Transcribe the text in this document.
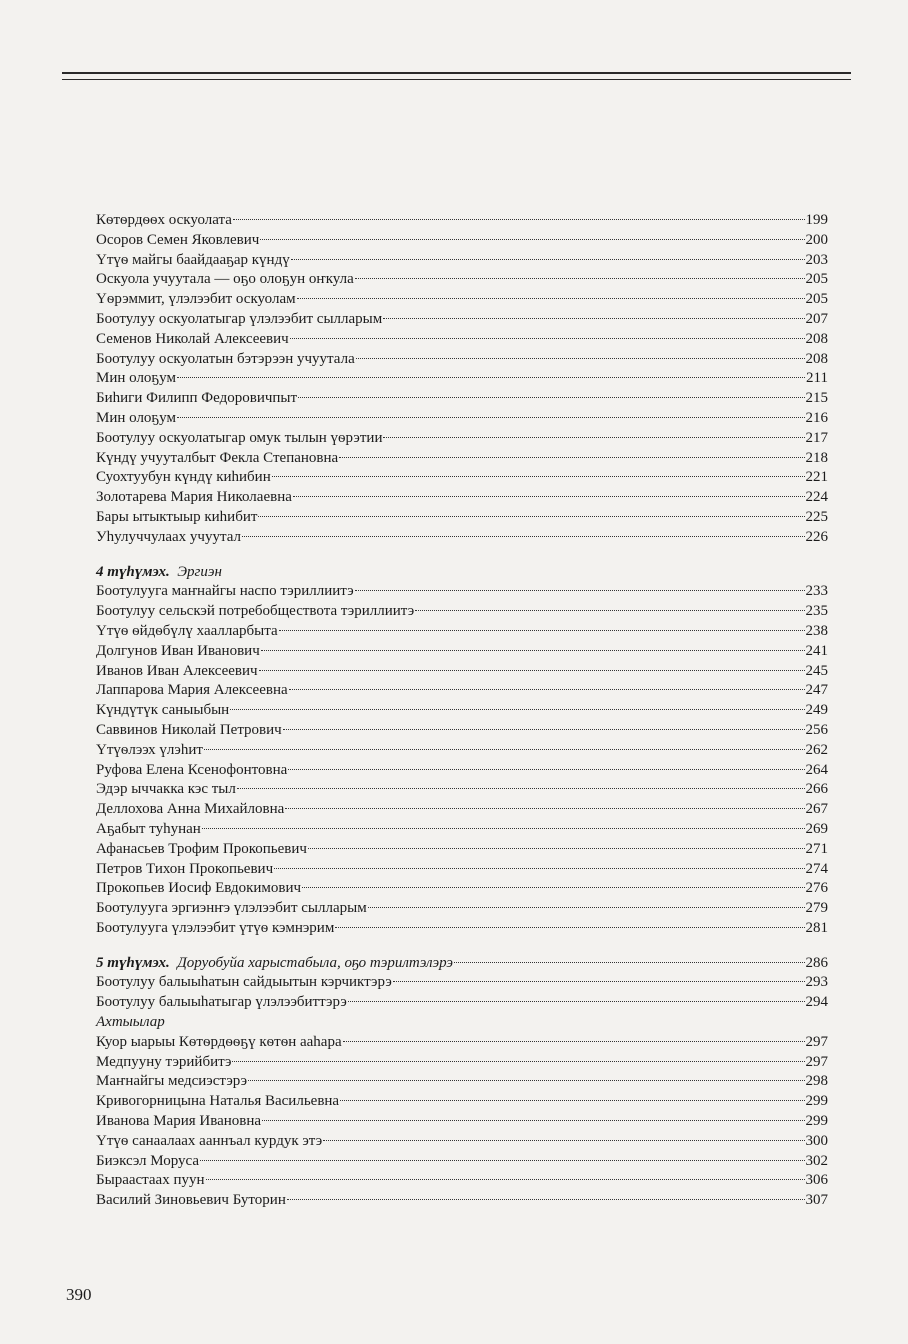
Кѳтѳрдѳѳх оскуолата	199
Осоров Семен Яковлевич	200
Үтүѳ майгы баайдааҕар күндү	203
Оскуола учуутала — оҕо олоҕун оҥкула	205
Үѳрэммит, үлэлээбит оскуолам	205
Боотулуу оскуолатыгар үлэлээбит сылларым	207
Семенов Николай Алексеевич	208
Боотулуу оскуолатын бэтэрээн учуутала	208
Мин олоҕум	211
Биһиги Филипп Федоровичпыт	215
Мин олоҕум	216
Боотулуу оскуолатыгар омук тылын үѳрэтии	217
Күндү учууталбыт Фекла Степановна	218
Суохтуубун күндү киһибин	221
Золотарева Мария Николаевна	224
Бары ытыктыыр киһибит	225
Уһулуччулаах учуутал	226
4 түһүмэх. Эргиэн
Боотулууга маҥнайгы наспо тэриллиитэ	233
Боотулуу сельскэй потребобществота тэриллиитэ	235
Үтүѳ ѳйдѳбүлү хаалларбыта	238
Долгунов Иван Иванович	241
Иванов Иван Алексеевич	245
Лаппарова Мария Алексеевна	247
Күндүтүк саныыбын	249
Саввинов Николай Петрович	256
Үтүѳлээх үлэһит	262
Руфова Елена Ксенофонтовна	264
Эдэр ыччакка кэс тыл	266
Деллохова Анна Михайловна	267
Аҕабыт туһунан	269
Афанасьев Трофим Прокопьевич	271
Петров Тихон Прокопьевич	274
Прокопьев Иосиф Евдокимович	276
Боотулууга эргиэнҥэ үлэлээбит сылларым	279
Боотулууга үлэлээбит үтүѳ кэмнэрим	281
5 түһүмэх. Доруобуйа харыстабыла, оҕо тэрилтэлэрэ	286
Боотулуу балыыһатын сайдыытын кэрчиктэрэ	293
Боотулуу балыыһатыгар үлэлээбиттэрэ	294
Ахтыылар
Куор ыарыы Кѳтѳрдѳѳҕү кѳтѳн ааһара	297
Медпууну тэрийбитэ	297
Маҥнайгы медсиэстэрэ	298
Кривогорницына Наталья Васильевна	299
Иванова Мария Ивановна	299
Үтүѳ санаалаах ааннъал курдук этэ	300
Биэксэл Моруса	302
Быраастаах пуун	306
Василий Зиновьевич Буторин	307
390
